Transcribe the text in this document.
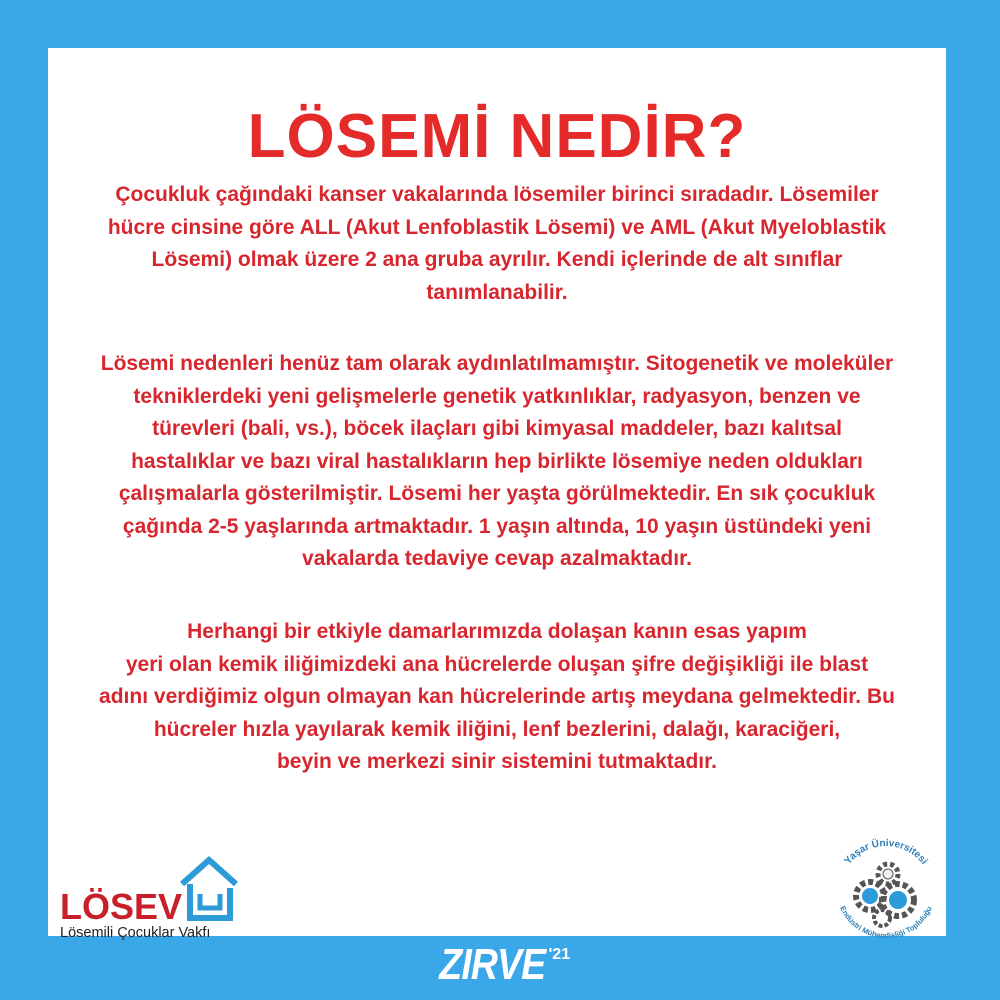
LÖSEMİ NEDİR?

Çocukluk çağındaki kanser vakalarında lösemiler birinci sıradadır. Lösemiler
hücre cinsine göre ALL (Akut Lenfoblastik Lösemi) ve AML (Akut Myeloblastik
Lösemi) olmak üzere 2 ana gruba ayrılır. Kendi içlerinde de alt sınıflar
tanımlanabilir.

Lösemi nedenleri henüz tam olarak aydınlatılmamıştır. Sitogenetik ve moleküler
tekniklerdeki yeni gelişmelerle genetik yatkınlıklar, radyasyon, benzen ve
türevleri (bali, vs.), böcek ilaçları gibi kimyasal maddeler, bazı kalıtsal
hastalıklar ve bazı viral hastalıkların hep birlikte lösemiye neden oldukları
çalışmalarla gösterilmiştir. Lösemi her yaşta görülmektedir. En sık çocukluk
çağında 2-5 yaşlarında artmaktadır. 1 yaşın altında, 10 yaşın üstündeki yeni
vakalarda tedaviye cevap azalmaktadır.

Herhangi bir etkiyle damarlarımızda dolaşan kanın esas yapım
yeri olan kemik iliğimizdeki ana hücrelerde oluşan şifre değişikliği ile blast
adını verdiğimiz olgun olmayan kan hücrelerinde artış meydana gelmektedir. Bu
hücreler hızla yayılarak kemik iliğini, lenf bezlerini, dalağı, karaciğeri,
beyin ve merkezi sinir sistemini tutmaktadır.

LÖSEV
Lösemili Çocuklar Vakfı
Yaşar Üniversitesi
Endüstri Mühendisliği Topluluğu
ZIRVE '21
